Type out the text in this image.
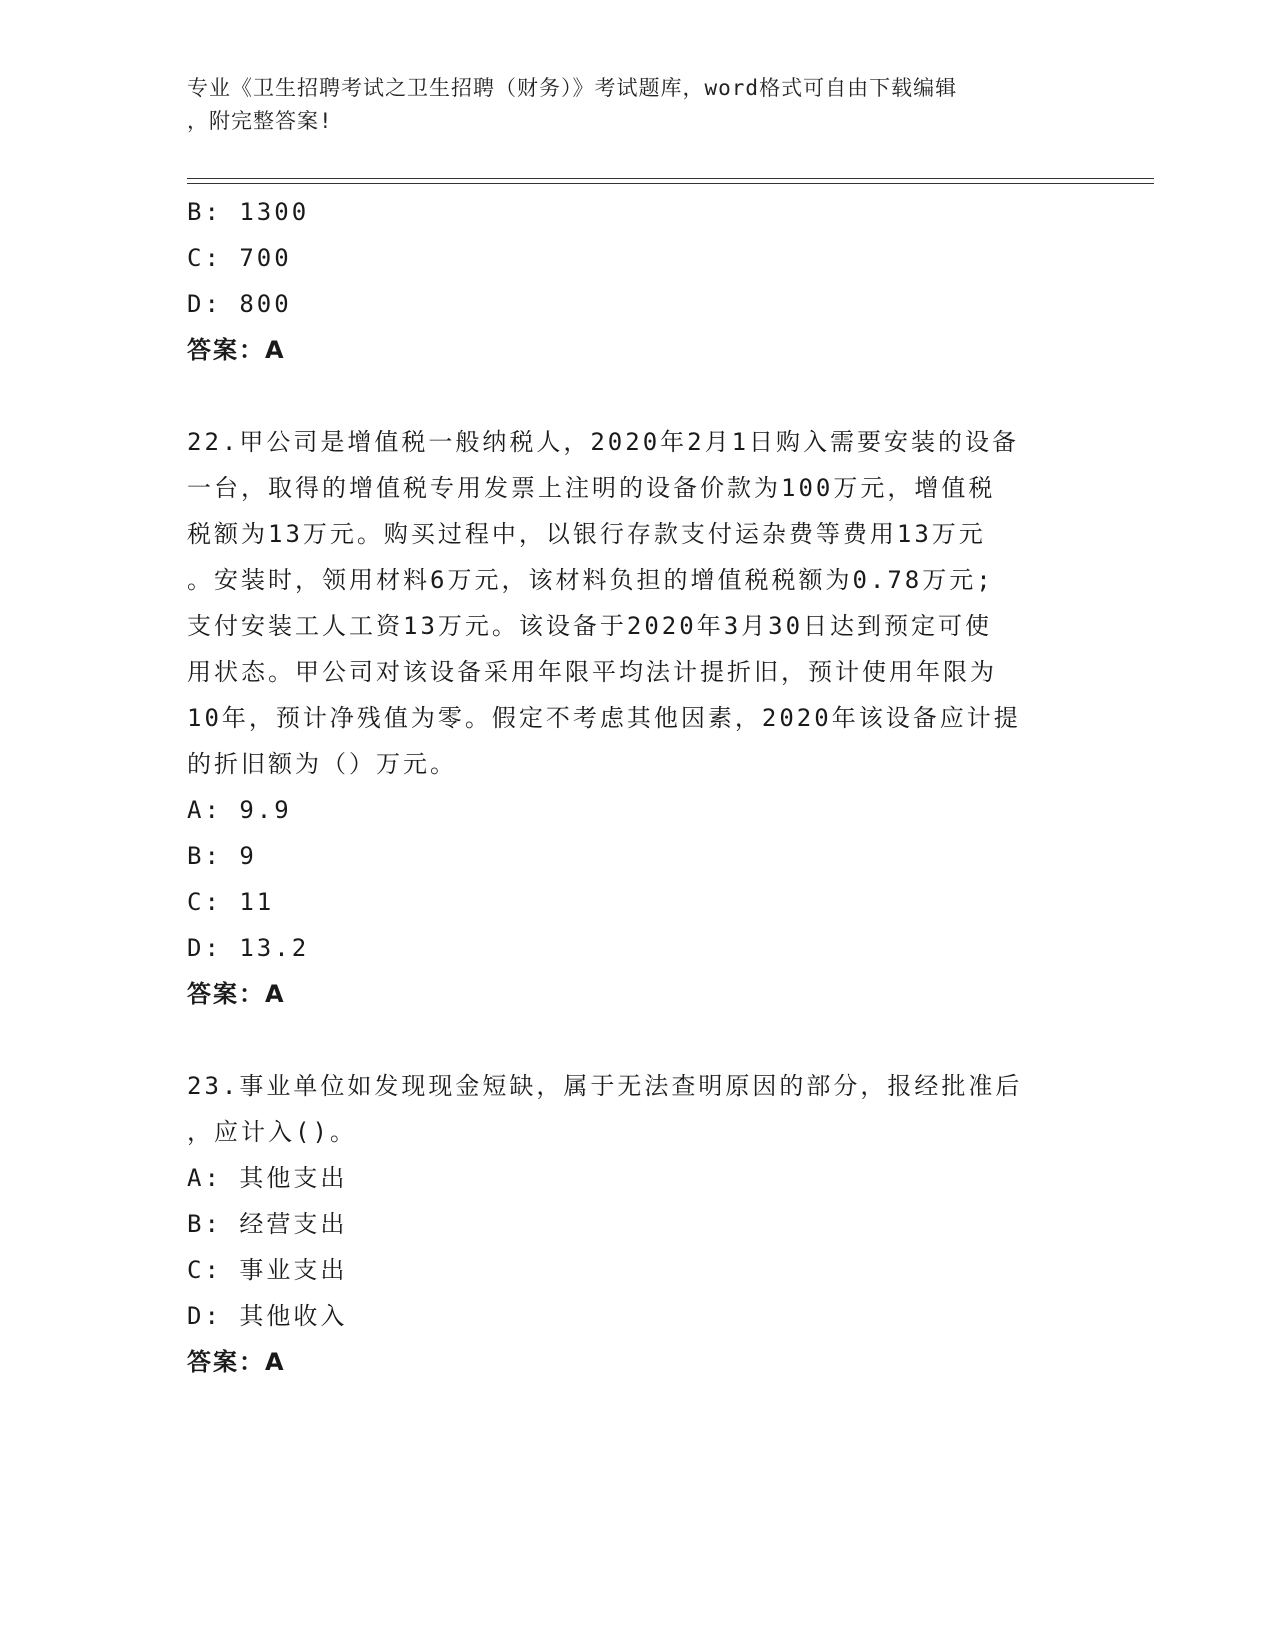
专业《卫生招聘考试之卫生招聘（财务）》考试题库，word格式可自由下载编辑
，附完整答案!
B: 1300
C: 700
D: 800
答案：A
22.甲公司是增值税一般纳税人，2020年2月1日购入需要安装的设备
一台，取得的增值税专用发票上注明的设备价款为100万元，增值税
税额为13万元。购买过程中，以银行存款支付运杂费等费用13万元
。安装时，领用材料6万元，该材料负担的增值税税额为0.78万元;
支付安装工人工资13万元。该设备于2020年3月30日达到预定可使
用状态。甲公司对该设备采用年限平均法计提折旧，预计使用年限为
10年，预计净残值为零。假定不考虑其他因素，2020年该设备应计提
的折旧额为（）万元。
A: 9.9
B: 9
C: 11
D: 13.2
答案：A
23.事业单位如发现现金短缺，属于无法查明原因的部分，报经批准后
，应计入()。
A: 其他支出
B: 经营支出
C: 事业支出
D: 其他收入
答案：A
